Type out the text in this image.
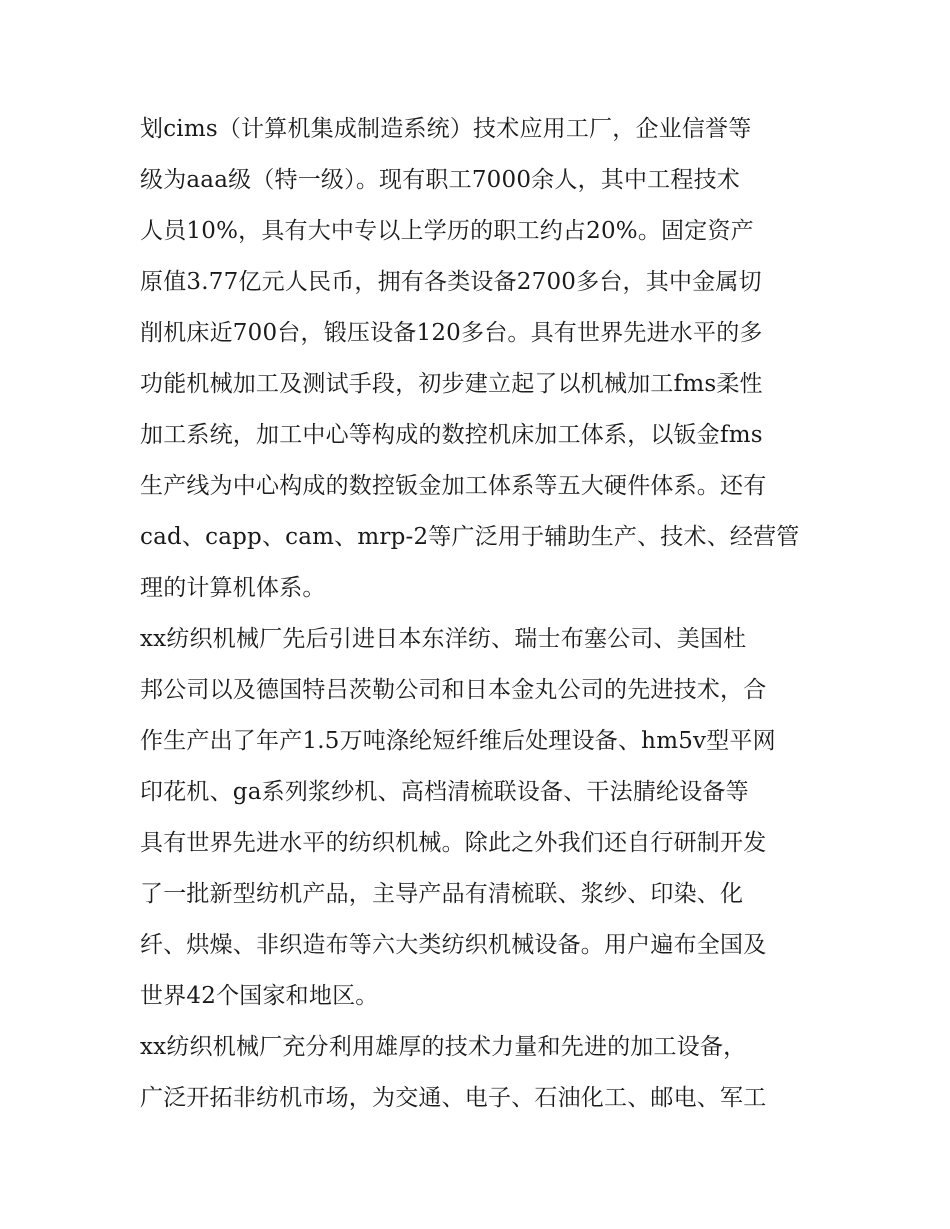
划cims（计算机集成制造系统）技术应用工厂，企业信誉等
级为aaa级（特一级）。现有职工7000余人，其中工程技术
人员10%，具有大中专以上学历的职工约占20%。固定资产
原值3.77亿元人民币，拥有各类设备2700多台，其中金属切
削机床近700台，锻压设备120多台。具有世界先进水平的多
功能机械加工及测试手段，初步建立起了以机械加工fms柔性
加工系统，加工中心等构成的数控机床加工体系，以钣金fms
生产线为中心构成的数控钣金加工体系等五大硬件体系。还有
cad、capp、cam、mrp-2等广泛用于辅助生产、技术、经营管
理的计算机体系。
xx纺织机械厂先后引进日本东洋纺、瑞士布塞公司、美国杜
邦公司以及德国特吕茨勒公司和日本金丸公司的先进技术，合
作生产出了年产1.5万吨涤纶短纤维后处理设备、hm5v型平网
印花机、ga系列浆纱机、高档清梳联设备、干法腈纶设备等
具有世界先进水平的纺织机械。除此之外我们还自行研制开发
了一批新型纺机产品，主导产品有清梳联、浆纱、印染、化
纤、烘燥、非织造布等六大类纺织机械设备。用户遍布全国及
世界42个国家和地区。
xx纺织机械厂充分利用雄厚的技术力量和先进的加工设备，
广泛开拓非纺机市场，为交通、电子、石油化工、邮电、军工
